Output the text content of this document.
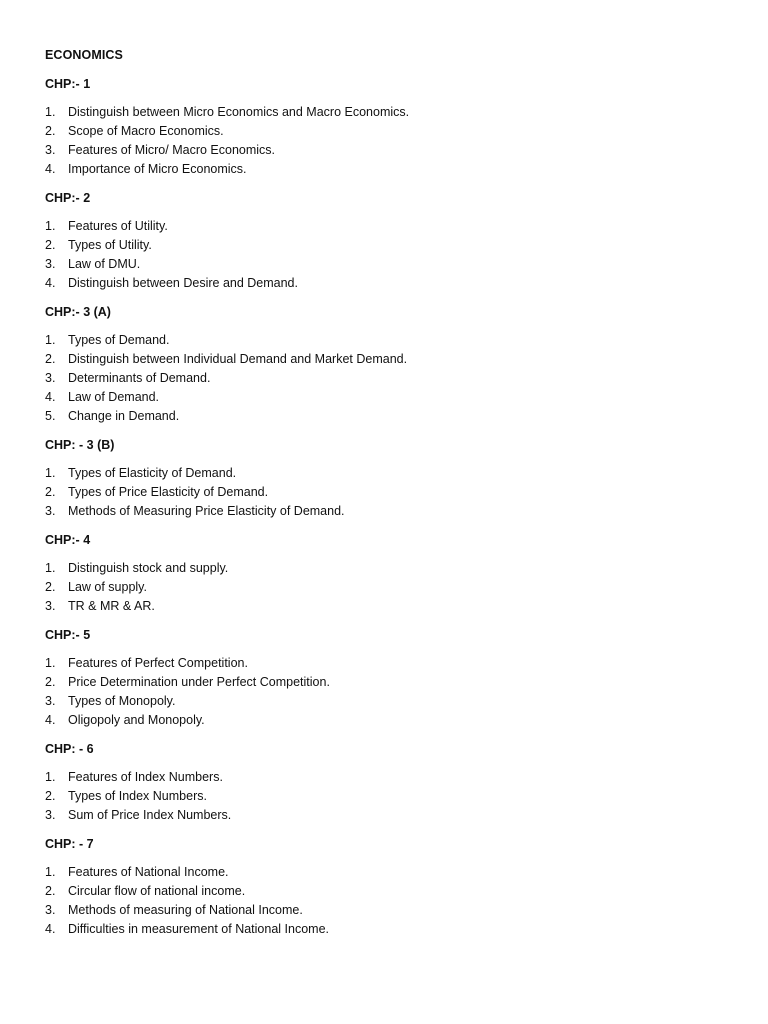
ECONOMICS
CHP:- 1
1.	Distinguish between Micro Economics and Macro Economics.
2.	Scope of Macro Economics.
3.	Features of Micro/ Macro Economics.
4.	Importance of Micro Economics.
CHP:- 2
1.	Features of Utility.
2.	Types of Utility.
3.	Law of DMU.
4.	Distinguish between Desire and Demand.
CHP:- 3 (A)
1.	Types of Demand.
2.	Distinguish between Individual Demand and Market Demand.
3.	Determinants of Demand.
4.	Law of Demand.
5.	Change in Demand.
CHP: - 3 (B)
1.	Types of Elasticity of Demand.
2.	Types of Price Elasticity of Demand.
3.	Methods of Measuring Price Elasticity of Demand.
CHP:- 4
1.	Distinguish stock and supply.
2.	Law of supply.
3.	TR & MR & AR.
CHP:- 5
1.	Features of Perfect Competition.
2.	Price Determination under Perfect Competition.
3.	Types of Monopoly.
4.	Oligopoly and Monopoly.
CHP: - 6
1.	Features of Index Numbers.
2.	Types of Index Numbers.
3.	Sum of Price Index Numbers.
CHP: - 7
1.	Features of National Income.
2.	Circular flow of national income.
3.	Methods of measuring of National Income.
4.	Difficulties in measurement of National Income.
